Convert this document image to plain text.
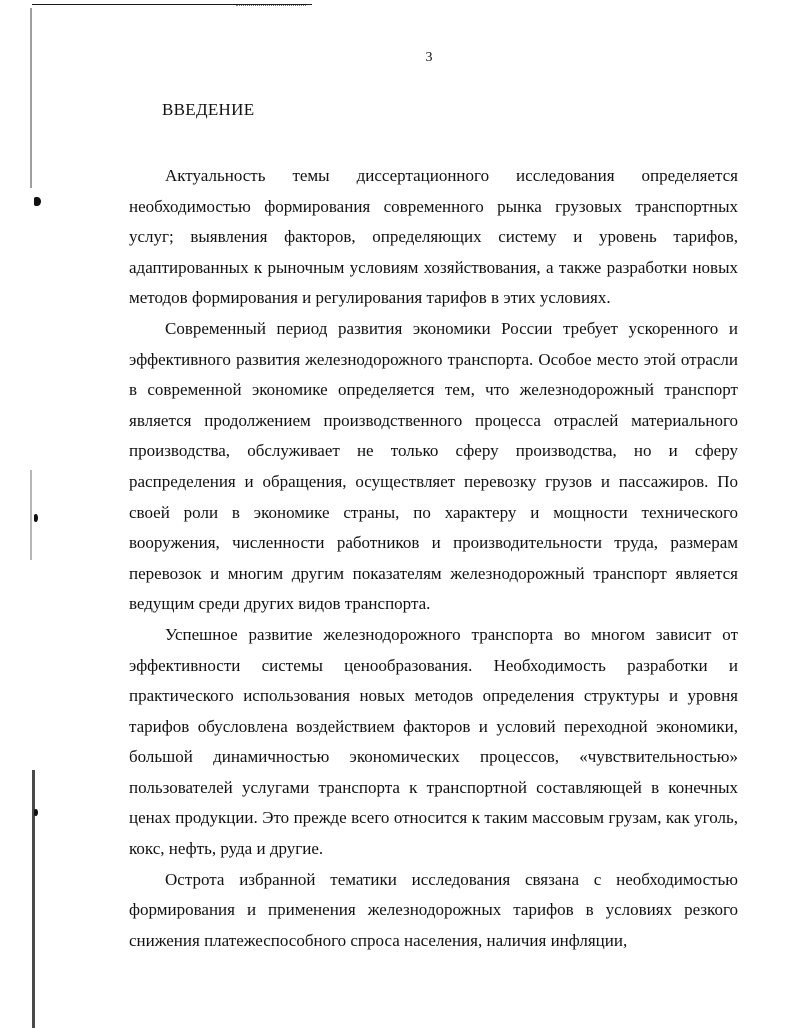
3
ВВЕДЕНИЕ

Актуальность темы диссертационного исследования определяется необходимостью формирования современного рынка грузовых транспортных услуг; выявления факторов, определяющих систему и уровень тарифов, адаптированных к рыночным условиям хозяйствования, а также разработки новых методов формирования и регулирования тарифов в этих условиях.

Современный период развития экономики России требует ускоренного и эффективного развития железнодорожного транспорта. Особое место этой отрасли в современной экономике определяется тем, что железнодорожный транспорт является продолжением производственного процесса отраслей материального производства, обслуживает не только сферу производства, но и сферу распределения и обращения, осуществляет перевозку грузов и пассажиров. По своей роли в экономике страны, по характеру и мощности технического вооружения, численности работников и производительности труда, размерам перевозок и многим другим показателям железнодорожный транспорт является ведущим среди других видов транспорта.

Успешное развитие железнодорожного транспорта во многом зависит от эффективности системы ценообразования. Необходимость разработки и практического использования новых методов определения структуры и уровня тарифов обусловлена воздействием факторов и условий переходной экономики, большой динамичностью экономических процессов, «чувствительностью» пользователей услугами транспорта к транспортной составляющей в конечных ценах продукции. Это прежде всего относится к таким массовым грузам, как уголь, кокс, нефть, руда и другие.

Острота избранной тематики исследования связана с необходимостью формирования и применения железнодорожных тарифов в условиях резкого снижения платежеспособного спроса населения, наличия инфляции,
